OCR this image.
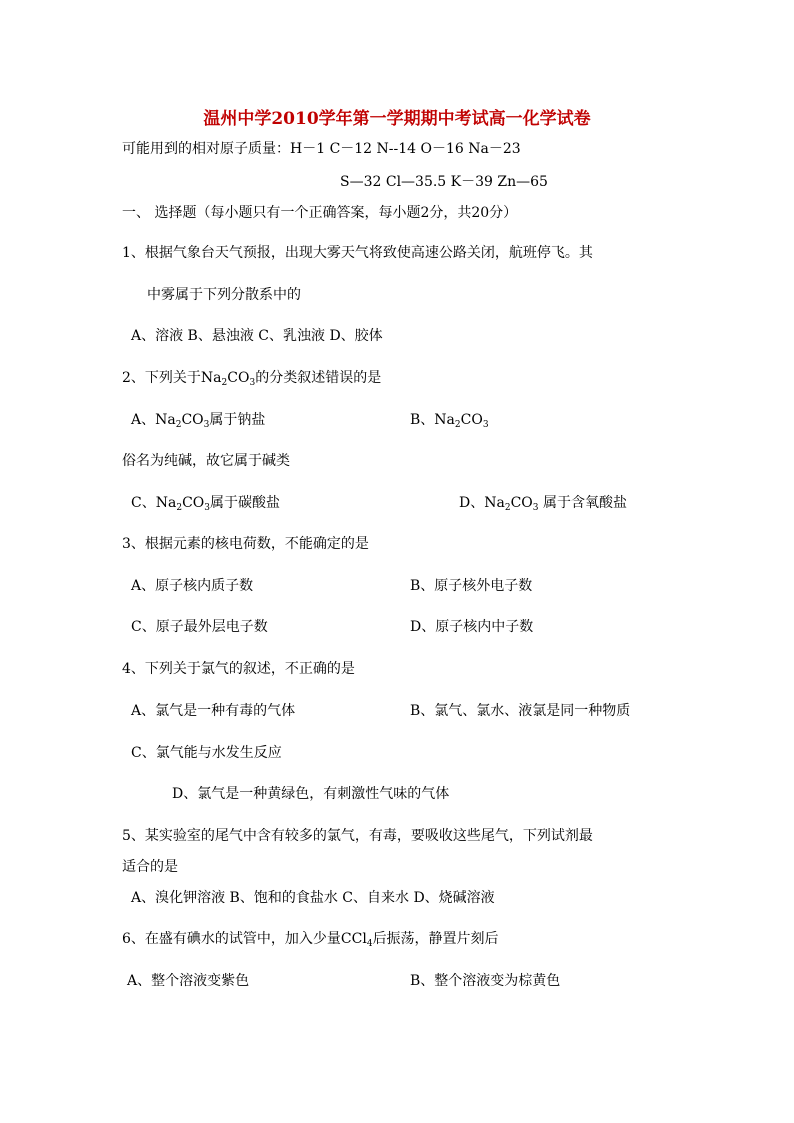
温州中学2010学年第一学期期中考试高一化学试卷
可能用到的相对原子质量：H－1 C－12 N--14 O－16 Na－23
S—32 Cl—35.5 K－39 Zn—65
一、 选择题（每小题只有一个正确答案，每小题2分，共20分）
1、根据气象台天气预报，出现大雾天气将致使高速公路关闭，航班停飞。其
中雾属于下列分散系中的
A、溶液 B、悬浊液 C、乳浊液 D、胶体
2、下列关于$Na_2CO_3$的分类叙述错误的是
A、$Na_2CO_3$属于钠盐	B、$Na_2CO_3$
俗名为纯碱，故它属于碱类
C、$Na_2CO_3$属于碳酸盐	D、$Na_2CO_3$ 属于含氧酸盐
3、根据元素的核电荷数，不能确定的是
A、原子核内质子数	B、原子核外电子数
C、原子最外层电子数	D、原子核内中子数
4、下列关于氯气的叙述，不正确的是
A、氯气是一种有毒的气体	B、氯气、氯水、液氯是同一种物质
C、氯气能与水发生反应
D、氯气是一种黄绿色，有刺激性气味的气体
5、某实验室的尾气中含有较多的氯气，有毒，要吸收这些尾气，下列试剂最
适合的是
A、溴化钾溶液 B、饱和的食盐水 C、自来水 D、烧碱溶液
6、在盛有碘水的试管中，加入少量CCl$_4$后振荡，静置片刻后
A、整个溶液变紫色	B、整个溶液变为棕黄色
